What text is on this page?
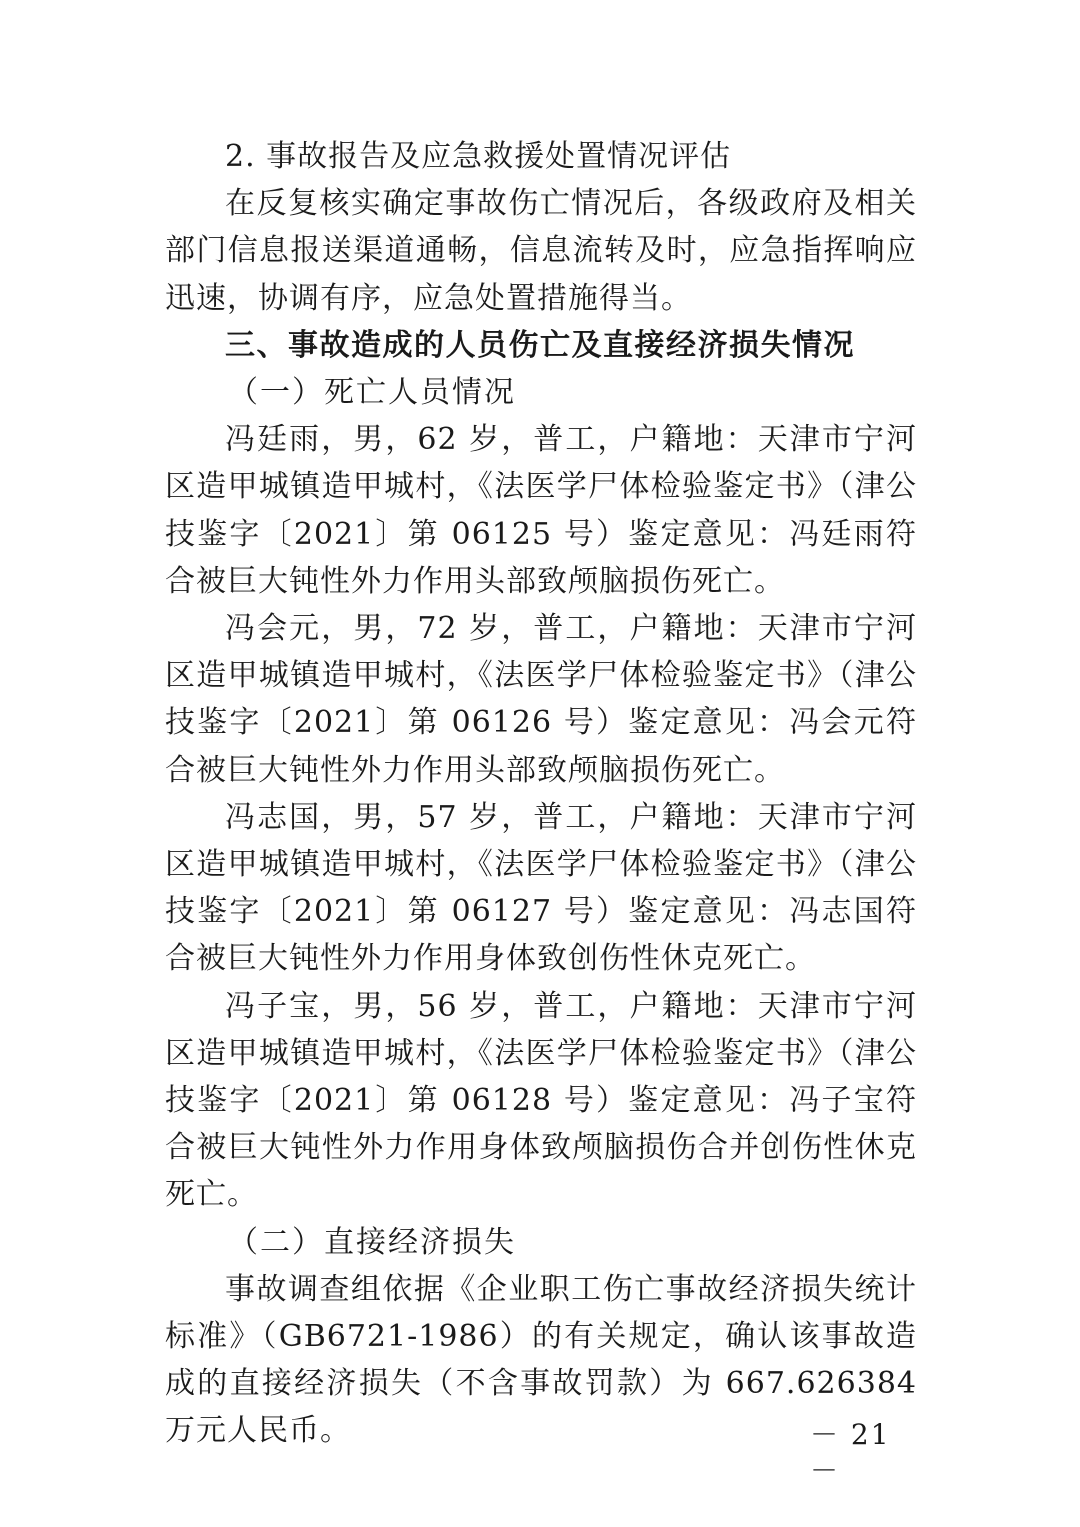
2. 事故报告及应急救援处置情况评估

在反复核实确定事故伤亡情况后，各级政府及相关部门信息报送渠道通畅，信息流转及时，应急指挥响应迅速，协调有序，应急处置措施得当。

三、事故造成的人员伤亡及直接经济损失情况

（一）死亡人员情况

冯廷雨，男，62 岁，普工，户籍地：天津市宁河区造甲城镇造甲城村，《法医学尸体检验鉴定书》（津公技鉴字〔2021〕第 06125 号）鉴定意见：冯廷雨符合被巨大钝性外力作用头部致颅脑损伤死亡。

冯会元，男，72 岁，普工，户籍地：天津市宁河区造甲城镇造甲城村，《法医学尸体检验鉴定书》（津公技鉴字〔2021〕第 06126 号）鉴定意见：冯会元符合被巨大钝性外力作用头部致颅脑损伤死亡。

冯志国，男，57 岁，普工，户籍地：天津市宁河区造甲城镇造甲城村，《法医学尸体检验鉴定书》（津公技鉴字〔2021〕第 06127 号）鉴定意见：冯志国符合被巨大钝性外力作用身体致创伤性休克死亡。

冯子宝，男，56 岁，普工，户籍地：天津市宁河区造甲城镇造甲城村，《法医学尸体检验鉴定书》（津公技鉴字〔2021〕第 06128 号）鉴定意见：冯子宝符合被巨大钝性外力作用身体致颅脑损伤合并创伤性休克死亡。

（二）直接经济损失

事故调查组依据《企业职工伤亡事故经济损失统计标准》（GB6721-1986）的有关规定，确认该事故造成的直接经济损失（不含事故罚款）为 667.626384 万元人民币。	－ 21 －
